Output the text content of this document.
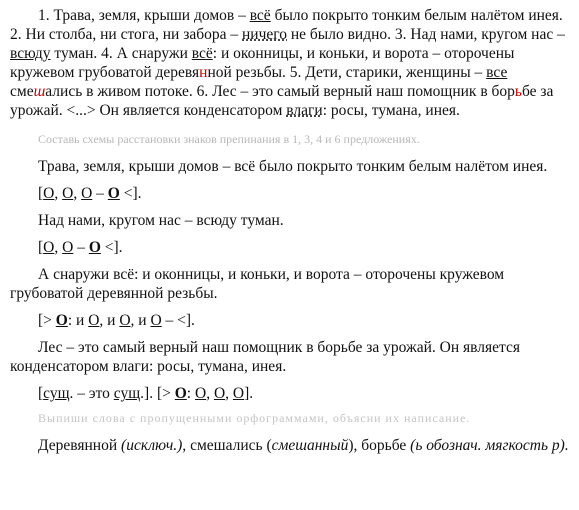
1. Трава, земля, крыши домов – всё было покрыто тонким белым налётом инея. 2. Ни столба, ни стога, ни забора – ничего не было видно. 3. Над нами, кругом нас – всюду туман. 4. А снаружи всё: и оконницы, и коньки, и ворота – оторочены кружевом грубоватой деревянной резьбы. 5. Дети, старики, женщины – все смешались в живом потоке. 6. Лес – это самый верный наш помощник в борьбе за урожай. <...> Он является конденсатором влаги: росы, тумана, инея.

Составь схемы расстановки знаков препинания в 1, 3, 4 и 6 предложениях.

Трава, земля, крыши домов – всё было покрыто тонким белым налётом инея.

[О, О, О – О <].

Над нами, кругом нас – всюду туман.

[О, О – О <].

А снаружи всё: и оконницы, и коньки, и ворота – оторочены кружевом грубоватой деревянной резьбы.

[> О: и О, и О, и О – <].

Лес – это самый верный наш помощник в борьбе за урожай. Он является конденсатором влаги: росы, тумана, инея.

[сущ. – это сущ.]. [> О: О, О, О].

Выпиши слова с пропущенными орфограммами, объясни их написание.

Деревянной (исключ.), смешались (смешанный), борьбе (ь обознач. мягкость р).
